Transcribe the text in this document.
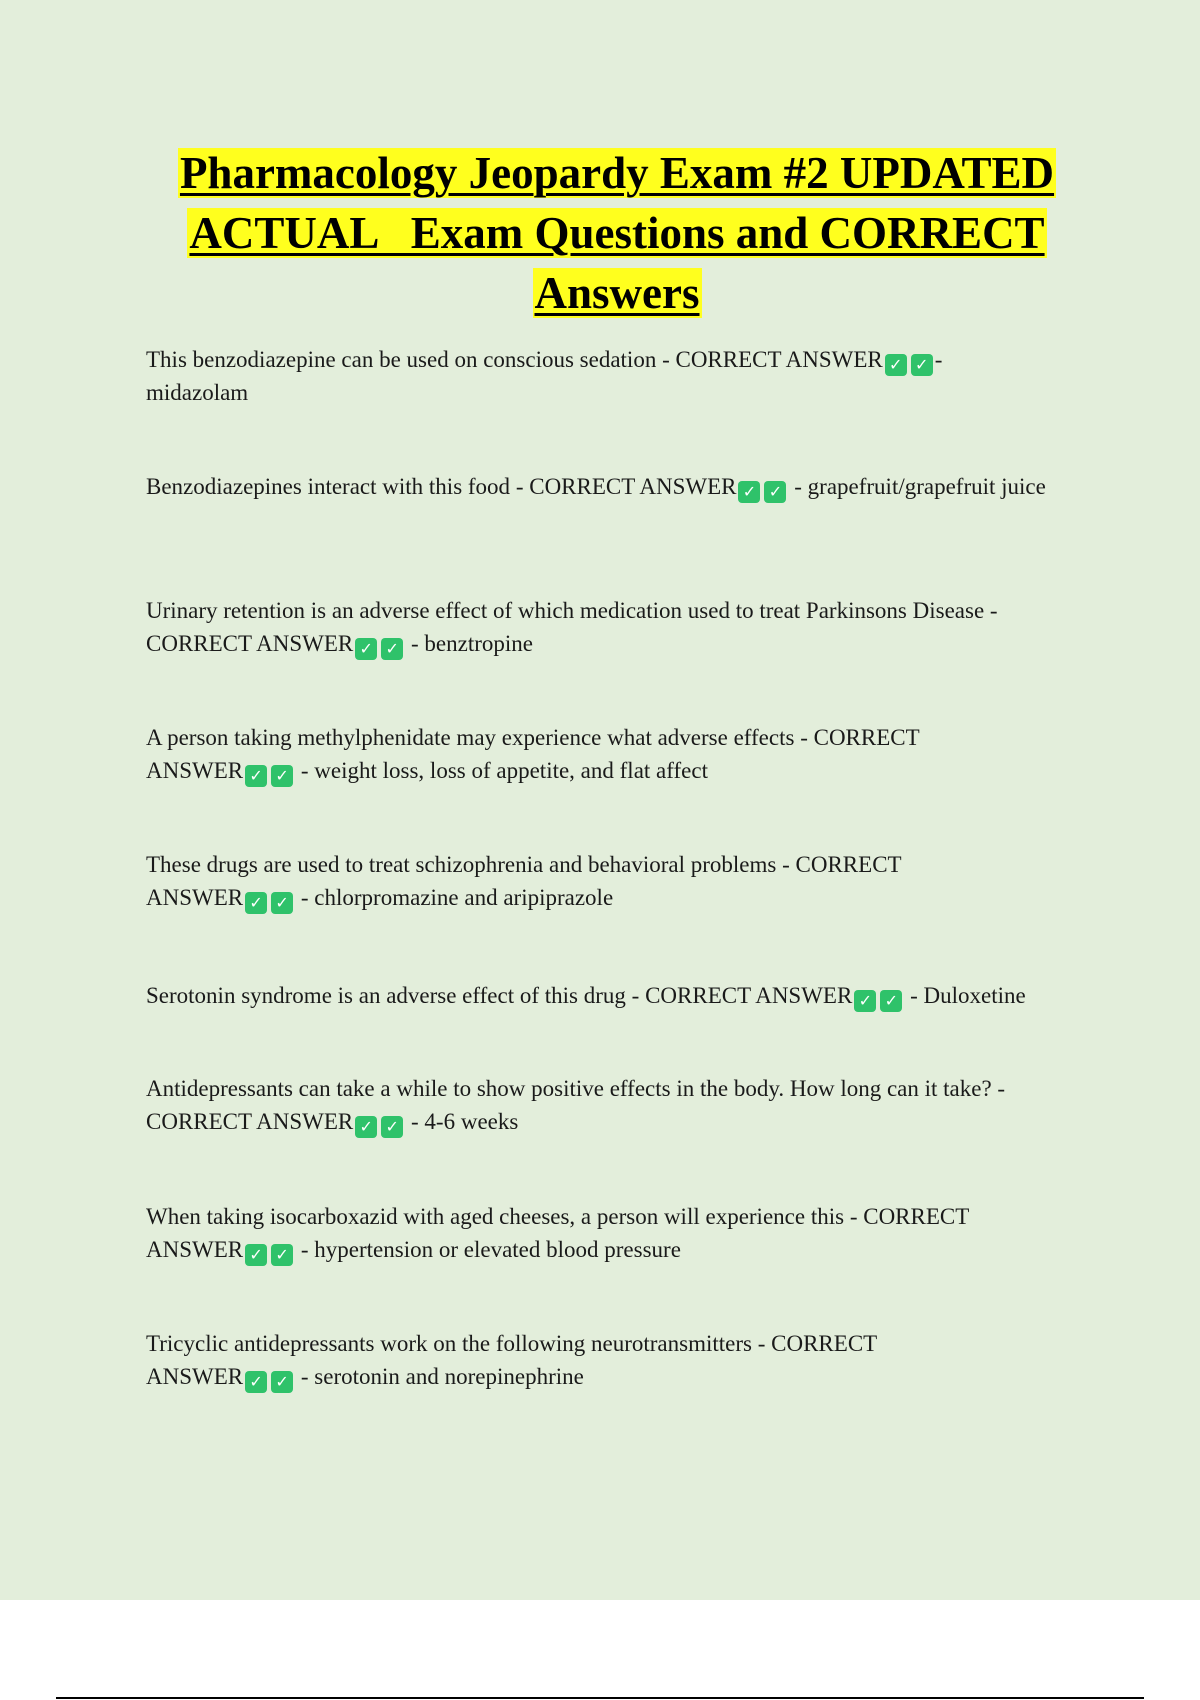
Pharmacology Jeopardy Exam #2 UPDATED
ACTUAL   Exam Questions and CORRECT
Answers

This benzodiazepine can be used on conscious sedation - CORRECT ANSWER ✓ ✓ -
midazolam

Benzodiazepines interact with this food - CORRECT ANSWER ✓ ✓ - grapefruit/grapefruit juice

Urinary retention is an adverse effect of which medication used to treat Parkinsons Disease -
CORRECT ANSWER ✓ ✓ - benztropine

A person taking methylphenidate may experience what adverse effects - CORRECT
ANSWER ✓ ✓ - weight loss, loss of appetite, and flat affect

These drugs are used to treat schizophrenia and behavioral problems - CORRECT
ANSWER ✓ ✓ - chlorpromazine and aripiprazole

Serotonin syndrome is an adverse effect of this drug - CORRECT ANSWER ✓ ✓ - Duloxetine

Antidepressants can take a while to show positive effects in the body. How long can it take? -
CORRECT ANSWER ✓ ✓ - 4-6 weeks

When taking isocarboxazid with aged cheeses, a person will experience this - CORRECT
ANSWER ✓ ✓ - hypertension or elevated blood pressure

Tricyclic antidepressants work on the following neurotransmitters - CORRECT
ANSWER ✓ ✓ - serotonin and norepinephrine
